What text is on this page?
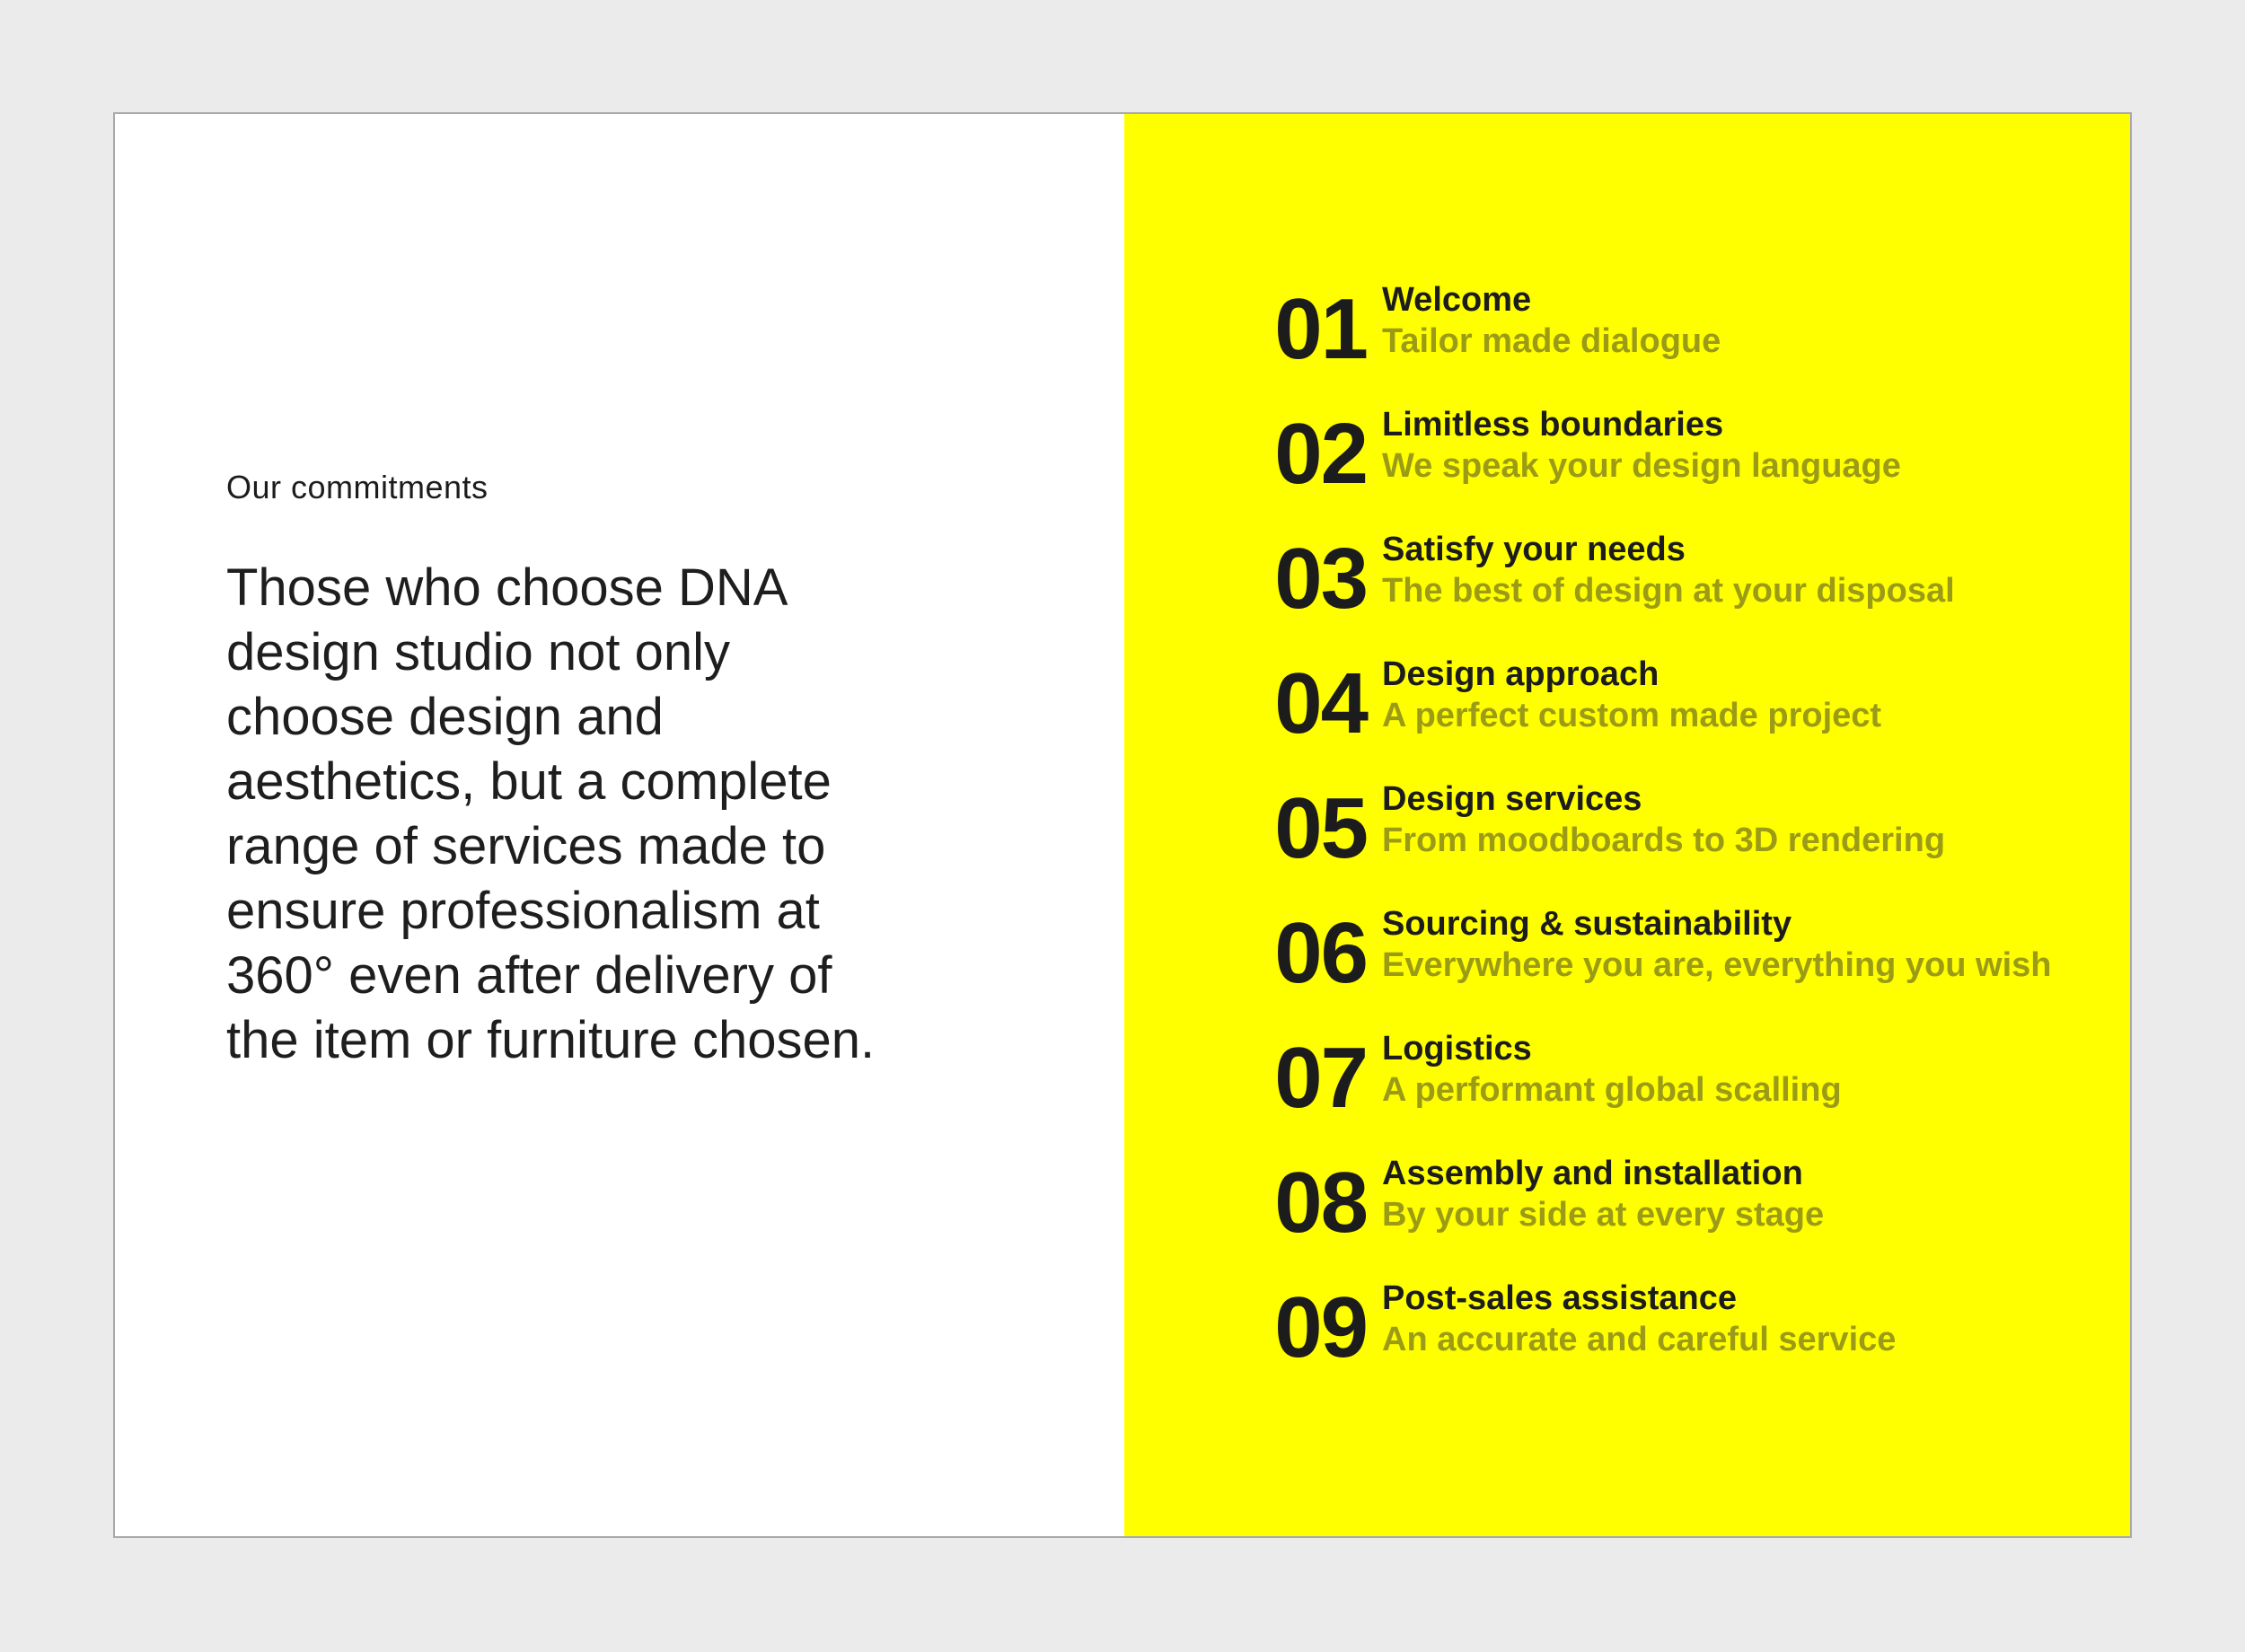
Our commitments

Those who choose DNA design studio not only choose design and aesthetics, but a complete range of services made to ensure professionalism at 360° even after delivery of the item or furniture chosen.

01 Welcome
Tailor made dialogue
02 Limitless boundaries
We speak your design language
03 Satisfy your needs
The best of design at your disposal
04 Design approach
A perfect custom made project
05 Design services
From moodboards to 3D rendering
06 Sourcing & sustainability
Everywhere you are, everything you wish
07 Logistics
A performant global scalling
08 Assembly and installation
By your side at every stage
09 Post-sales assistance
An accurate and careful service
